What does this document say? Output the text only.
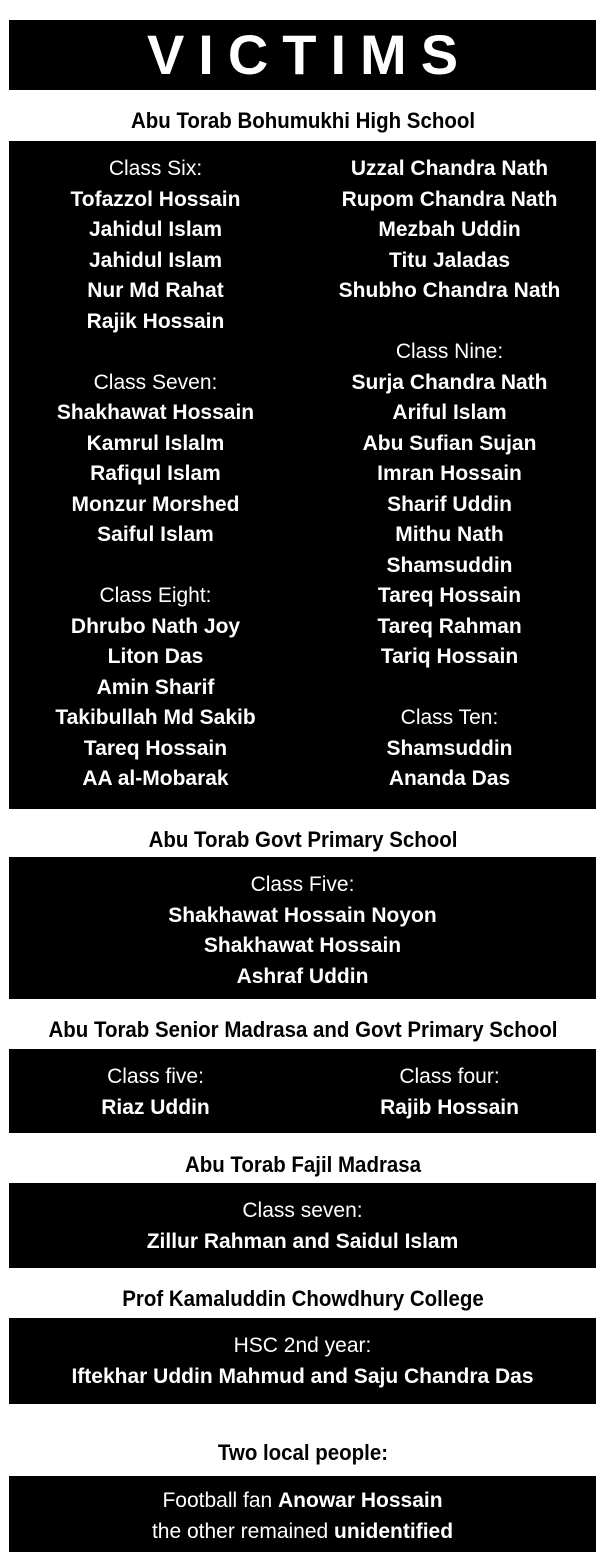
VICTIMS
Abu Torab Bohumukhi High School
Class Six:
Tofazzol Hossain
Jahidul Islam
Jahidul Islam
Nur Md Rahat
Rajik Hossain
Class Seven:
Shakhawat Hossain
Kamrul Islalm
Rafiqul Islam
Monzur Morshed
Saiful Islam
Class Eight:
Dhrubo Nath Joy
Liton Das
Amin Sharif
Takibullah Md Sakib
Tareq Hossain
AA al-Mobarak
Uzzal Chandra Nath
Rupom Chandra Nath
Mezbah Uddin
Titu Jaladas
Shubho Chandra Nath
Class Nine:
Surja Chandra Nath
Ariful Islam
Abu Sufian Sujan
Imran Hossain
Sharif Uddin
Mithu Nath
Shamsuddin
Tareq Hossain
Tareq Rahman
Tariq Hossain
Class Ten:
Shamsuddin
Ananda Das
Abu Torab Govt Primary School
Class Five:
Shakhawat Hossain Noyon
Shakhawat Hossain
Ashraf Uddin
Abu Torab Senior Madrasa and Govt Primary School
Class five:
Riaz Uddin
Class four:
Rajib Hossain
Abu Torab Fajil Madrasa
Class seven:
Zillur Rahman and Saidul Islam
Prof Kamaluddin Chowdhury College
HSC 2nd year:
Iftekhar Uddin Mahmud and Saju Chandra Das
Two local people:
Football fan Anowar Hossain
the other remained unidentified
